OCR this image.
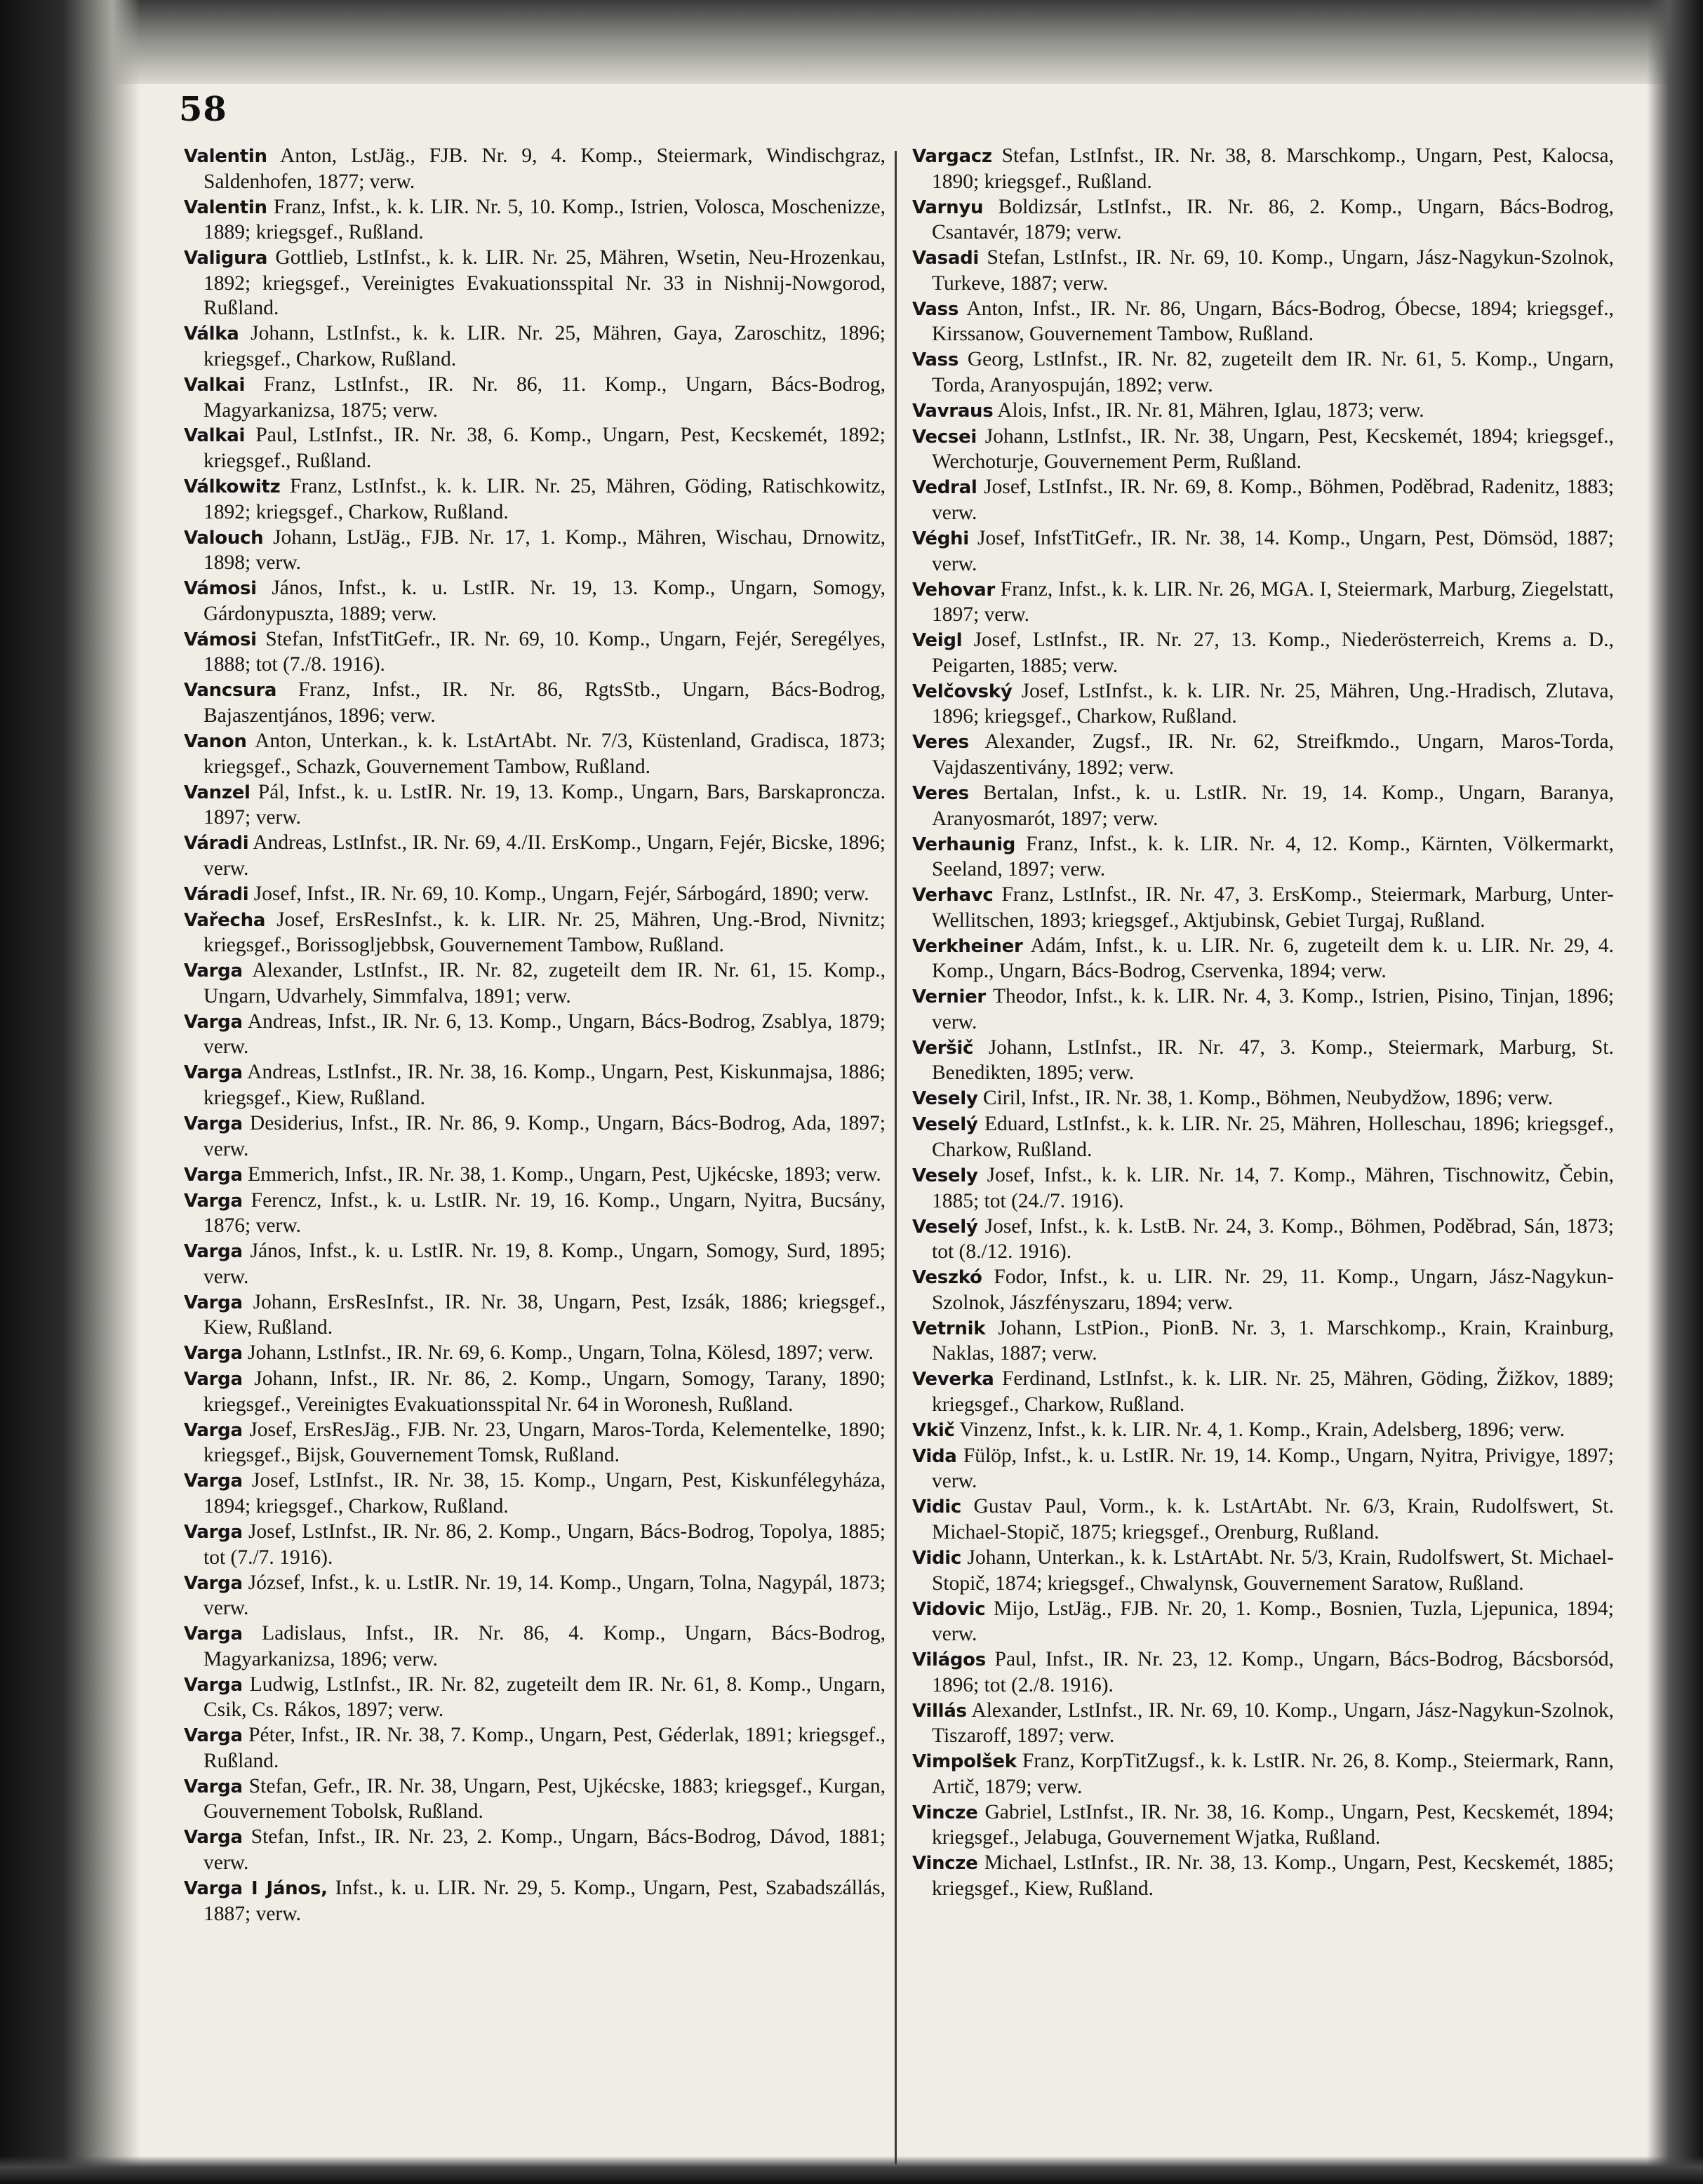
58

Valentin Anton, LstJäg., FJB. Nr. 9, 4. Komp., Steiermark, Windischgraz, Saldenhofen, 1877; verw.

Valentin Franz, Infst., k. k. LIR. Nr. 5, 10. Komp., Istrien, Volosca, Moschenizze, 1889; kriegsgef., Rußland.

Valigura Gottlieb, LstInfst., k. k. LIR. Nr. 25, Mähren, Wsetin, Neu-Hrozenkau, 1892; kriegsgef., Vereinigtes Evakuationsspital Nr. 33 in Nishnij-Nowgorod, Rußland.

Válka Johann, LstInfst., k. k. LIR. Nr. 25, Mähren, Gaya, Zaroschitz, 1896; kriegsgef., Charkow, Rußland.

Valkai Franz, LstInfst., IR. Nr. 86, 11. Komp., Ungarn, Bács-Bodrog, Magyarkanizsa, 1875; verw.

Valkai Paul, LstInfst., IR. Nr. 38, 6. Komp., Ungarn, Pest, Kecskemét, 1892; kriegsgef., Rußland.

Válkowitz Franz, LstInfst., k. k. LIR. Nr. 25, Mähren, Göding, Ratischkowitz, 1892; kriegsgef., Charkow, Rußland.

Valouch Johann, LstJäg., FJB. Nr. 17, 1. Komp., Mähren, Wischau, Drnowitz, 1898; verw.

Vámosi János, Infst., k. u. LstIR. Nr. 19, 13. Komp., Ungarn, Somogy, Gárdonypuszta, 1889; verw.

Vámosi Stefan, InfstTitGefr., IR. Nr. 69, 10. Komp., Ungarn, Fejér, Seregélyes, 1888; tot (7./8. 1916).

Vancsura Franz, Infst., IR. Nr. 86, RgtsStb., Ungarn, Bács-Bodrog, Bajaszentjános, 1896; verw.

Vanon Anton, Unterkan., k. k. LstArtAbt. Nr. 7/3, Küstenland, Gradisca, 1873; kriegsgef., Schazk, Gouvernement Tambow, Rußland.

Vanzel Pál, Infst., k. u. LstIR. Nr. 19, 13. Komp., Ungarn, Bars, Barskaproncza. 1897; verw.

Váradi Andreas, LstInfst., IR. Nr. 69, 4./II. ErsKomp., Ungarn, Fejér, Bicske, 1896; verw.

Váradi Josef, Infst., IR. Nr. 69, 10. Komp., Ungarn, Fejér, Sárbogárd, 1890; verw.

Vařecha Josef, ErsResInfst., k. k. LIR. Nr. 25, Mähren, Ung.-Brod, Nivnitz; kriegsgef., Borissogljebbsk, Gouvernement Tambow, Rußland.

Varga Alexander, LstInfst., IR. Nr. 82, zugeteilt dem IR. Nr. 61, 15. Komp., Ungarn, Udvarhely, Simmfalva, 1891; verw.

Varga Andreas, Infst., IR. Nr. 6, 13. Komp., Ungarn, Bács-Bodrog, Zsablya, 1879; verw.

Varga Andreas, LstInfst., IR. Nr. 38, 16. Komp., Ungarn, Pest, Kiskunmajsa, 1886; kriegsgef., Kiew, Rußland.

Varga Desiderius, Infst., IR. Nr. 86, 9. Komp., Ungarn, Bács-Bodrog, Ada, 1897; verw.

Varga Emmerich, Infst., IR. Nr. 38, 1. Komp., Ungarn, Pest, Ujkécske, 1893; verw.

Varga Ferencz, Infst., k. u. LstIR. Nr. 19, 16. Komp., Ungarn, Nyitra, Bucsány, 1876; verw.

Varga János, Infst., k. u. LstIR. Nr. 19, 8. Komp., Ungarn, Somogy, Surd, 1895; verw.

Varga Johann, ErsResInfst., IR. Nr. 38, Ungarn, Pest, Izsák, 1886; kriegsgef., Kiew, Rußland.

Varga Johann, LstInfst., IR. Nr. 69, 6. Komp., Ungarn, Tolna, Kölesd, 1897; verw.

Varga Johann, Infst., IR. Nr. 86, 2. Komp., Ungarn, Somogy, Tarany, 1890; kriegsgef., Vereinigtes Evakuationsspital Nr. 64 in Woronesh, Rußland.

Varga Josef, ErsResJäg., FJB. Nr. 23, Ungarn, Maros-Torda, Kelementelke, 1890; kriegsgef., Bijsk, Gouvernement Tomsk, Rußland.

Varga Josef, LstInfst., IR. Nr. 38, 15. Komp., Ungarn, Pest, Kiskunfélegyháza, 1894; kriegsgef., Charkow, Rußland.

Varga Josef, LstInfst., IR. Nr. 86, 2. Komp., Ungarn, Bács-Bodrog, Topolya, 1885; tot (7./7. 1916).

Varga József, Infst., k. u. LstIR. Nr. 19, 14. Komp., Ungarn, Tolna, Nagypál, 1873; verw.

Varga Ladislaus, Infst., IR. Nr. 86, 4. Komp., Ungarn, Bács-Bodrog, Magyarkanizsa, 1896; verw.

Varga Ludwig, LstInfst., IR. Nr. 82, zugeteilt dem IR. Nr. 61, 8. Komp., Ungarn, Csik, Cs. Rákos, 1897; verw.

Varga Péter, Infst., IR. Nr. 38, 7. Komp., Ungarn, Pest, Géderlak, 1891; kriegsgef., Rußland.

Varga Stefan, Gefr., IR. Nr. 38, Ungarn, Pest, Ujkécske, 1883; kriegsgef., Kurgan, Gouvernement Tobolsk, Rußland.

Varga Stefan, Infst., IR. Nr. 23, 2. Komp., Ungarn, Bács-Bodrog, Dávod, 1881; verw.

Varga I János, Infst., k. u. LIR. Nr. 29, 5. Komp., Ungarn, Pest, Szabadszállás, 1887; verw.

Vargacz Stefan, LstInfst., IR. Nr. 38, 8. Marschkomp., Ungarn, Pest, Kalocsa, 1890; kriegsgef., Rußland.

Varnyu Boldizsár, LstInfst., IR. Nr. 86, 2. Komp., Ungarn, Bács-Bodrog, Csantavér, 1879; verw.

Vasadi Stefan, LstInfst., IR. Nr. 69, 10. Komp., Ungarn, Jász-Nagykun-Szolnok, Turkeve, 1887; verw.

Vass Anton, Infst., IR. Nr. 86, Ungarn, Bács-Bodrog, Óbecse, 1894; kriegsgef., Kirssanow, Gouvernement Tambow, Rußland.

Vass Georg, LstInfst., IR. Nr. 82, zugeteilt dem IR. Nr. 61, 5. Komp., Ungarn, Torda, Aranyospuján, 1892; verw.

Vavraus Alois, Infst., IR. Nr. 81, Mähren, Iglau, 1873; verw.

Vecsei Johann, LstInfst., IR. Nr. 38, Ungarn, Pest, Kecskemét, 1894; kriegsgef., Werchoturje, Gouvernement Perm, Rußland.

Vedral Josef, LstInfst., IR. Nr. 69, 8. Komp., Böhmen, Poděbrad, Radenitz, 1883; verw.

Véghi Josef, InfstTitGefr., IR. Nr. 38, 14. Komp., Ungarn, Pest, Dömsöd, 1887; verw.

Vehovar Franz, Infst., k. k. LIR. Nr. 26, MGA. I, Steiermark, Marburg, Ziegelstatt, 1897; verw.

Veigl Josef, LstInfst., IR. Nr. 27, 13. Komp., Niederösterreich, Krems a. D., Peigarten, 1885; verw.

Velčovský Josef, LstInfst., k. k. LIR. Nr. 25, Mähren, Ung.-Hradisch, Zlutava, 1896; kriegsgef., Charkow, Rußland.

Veres Alexander, Zugsf., IR. Nr. 62, Streifkmdo., Ungarn, Maros-Torda, Vajdaszentivány, 1892; verw.

Veres Bertalan, Infst., k. u. LstIR. Nr. 19, 14. Komp., Ungarn, Baranya, Aranyosmarót, 1897; verw.

Verhaunig Franz, Infst., k. k. LIR. Nr. 4, 12. Komp., Kärnten, Völkermarkt, Seeland, 1897; verw.

Verhavc Franz, LstInfst., IR. Nr. 47, 3. ErsKomp., Steiermark, Marburg, Unter-Wellitschen, 1893; kriegsgef., Aktjubinsk, Gebiet Turgaj, Rußland.

Verkheiner Adám, Infst., k. u. LIR. Nr. 6, zugeteilt dem k. u. LIR. Nr. 29, 4. Komp., Ungarn, Bács-Bodrog, Cservenka, 1894; verw.

Vernier Theodor, Infst., k. k. LIR. Nr. 4, 3. Komp., Istrien, Pisino, Tinjan, 1896; verw.

Veršič Johann, LstInfst., IR. Nr. 47, 3. Komp., Steiermark, Marburg, St. Benedikten, 1895; verw.

Vesely Ciril, Infst., IR. Nr. 38, 1. Komp., Böhmen, Neubydžow, 1896; verw.

Veselý Eduard, LstInfst., k. k. LIR. Nr. 25, Mähren, Holleschau, 1896; kriegsgef., Charkow, Rußland.

Vesely Josef, Infst., k. k. LIR. Nr. 14, 7. Komp., Mähren, Tischnowitz, Čebin, 1885; tot (24./7. 1916).

Veselý Josef, Infst., k. k. LstB. Nr. 24, 3. Komp., Böhmen, Poděbrad, Sán, 1873; tot (8./12. 1916).

Veszkó Fodor, Infst., k. u. LIR. Nr. 29, 11. Komp., Ungarn, Jász-Nagykun-Szolnok, Jászfényszaru, 1894; verw.

Vetrnik Johann, LstPion., PionB. Nr. 3, 1. Marschkomp., Krain, Krainburg, Naklas, 1887; verw.

Veverka Ferdinand, LstInfst., k. k. LIR. Nr. 25, Mähren, Göding, Žižkov, 1889; kriegsgef., Charkow, Rußland.

Vkič Vinzenz, Infst., k. k. LIR. Nr. 4, 1. Komp., Krain, Adelsberg, 1896; verw.

Vida Fülöp, Infst., k. u. LstIR. Nr. 19, 14. Komp., Ungarn, Nyitra, Privigye, 1897; verw.

Vidic Gustav Paul, Vorm., k. k. LstArtAbt. Nr. 6/3, Krain, Rudolfswert, St. Michael-Stopič, 1875; kriegsgef., Orenburg, Rußland.

Vidic Johann, Unterkan., k. k. LstArtAbt. Nr. 5/3, Krain, Rudolfswert, St. Michael-Stopič, 1874; kriegsgef., Chwalynsk, Gouvernement Saratow, Rußland.

Vidovic Mijo, LstJäg., FJB. Nr. 20, 1. Komp., Bosnien, Tuzla, Ljepunica, 1894; verw.

Világos Paul, Infst., IR. Nr. 23, 12. Komp., Ungarn, Bács-Bodrog, Bácsborsód, 1896; tot (2./8. 1916).

Villás Alexander, LstInfst., IR. Nr. 69, 10. Komp., Ungarn, Jász-Nagykun-Szolnok, Tiszaroff, 1897; verw.

Vimpolšek Franz, KorpTitZugsf., k. k. LstIR. Nr. 26, 8. Komp., Steiermark, Rann, Artič, 1879; verw.

Vincze Gabriel, LstInfst., IR. Nr. 38, 16. Komp., Ungarn, Pest, Kecskemét, 1894; kriegsgef., Jelabuga, Gouvernement Wjatka, Rußland.

Vincze Michael, LstInfst., IR. Nr. 38, 13. Komp., Ungarn, Pest, Kecskemét, 1885; kriegsgef., Kiew, Rußland.
